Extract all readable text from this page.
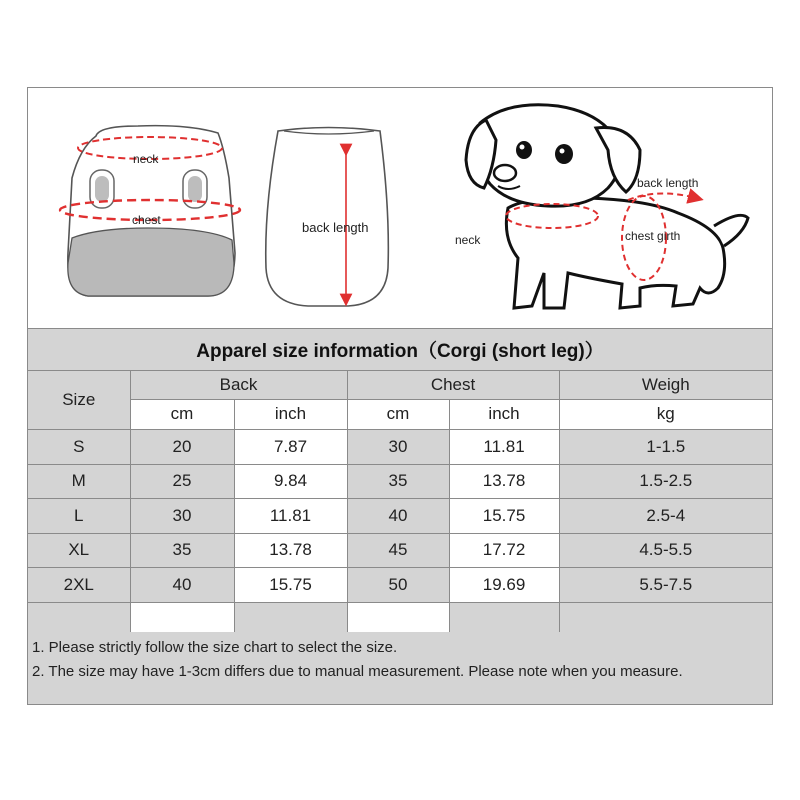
neck
chest	back length
back length
neck	chest girth
Apparel size information（Corgi (short leg)）
Size	Back		Chest		Weigh
	cm	inch	cm	inch	kg
S	20	7.87	30	11.81	1-1.5
M	25	9.84	35	13.78	1.5-2.5
L	30	11.81	40	15.75	2.5-4
XL	35	13.78	45	17.72	4.5-5.5
2XL	40	15.75	50	19.69	5.5-7.5

1. Please strictly follow the size chart to select the size.
2. The size may have 1-3cm differs due to manual measurement. Please note when you measure.
